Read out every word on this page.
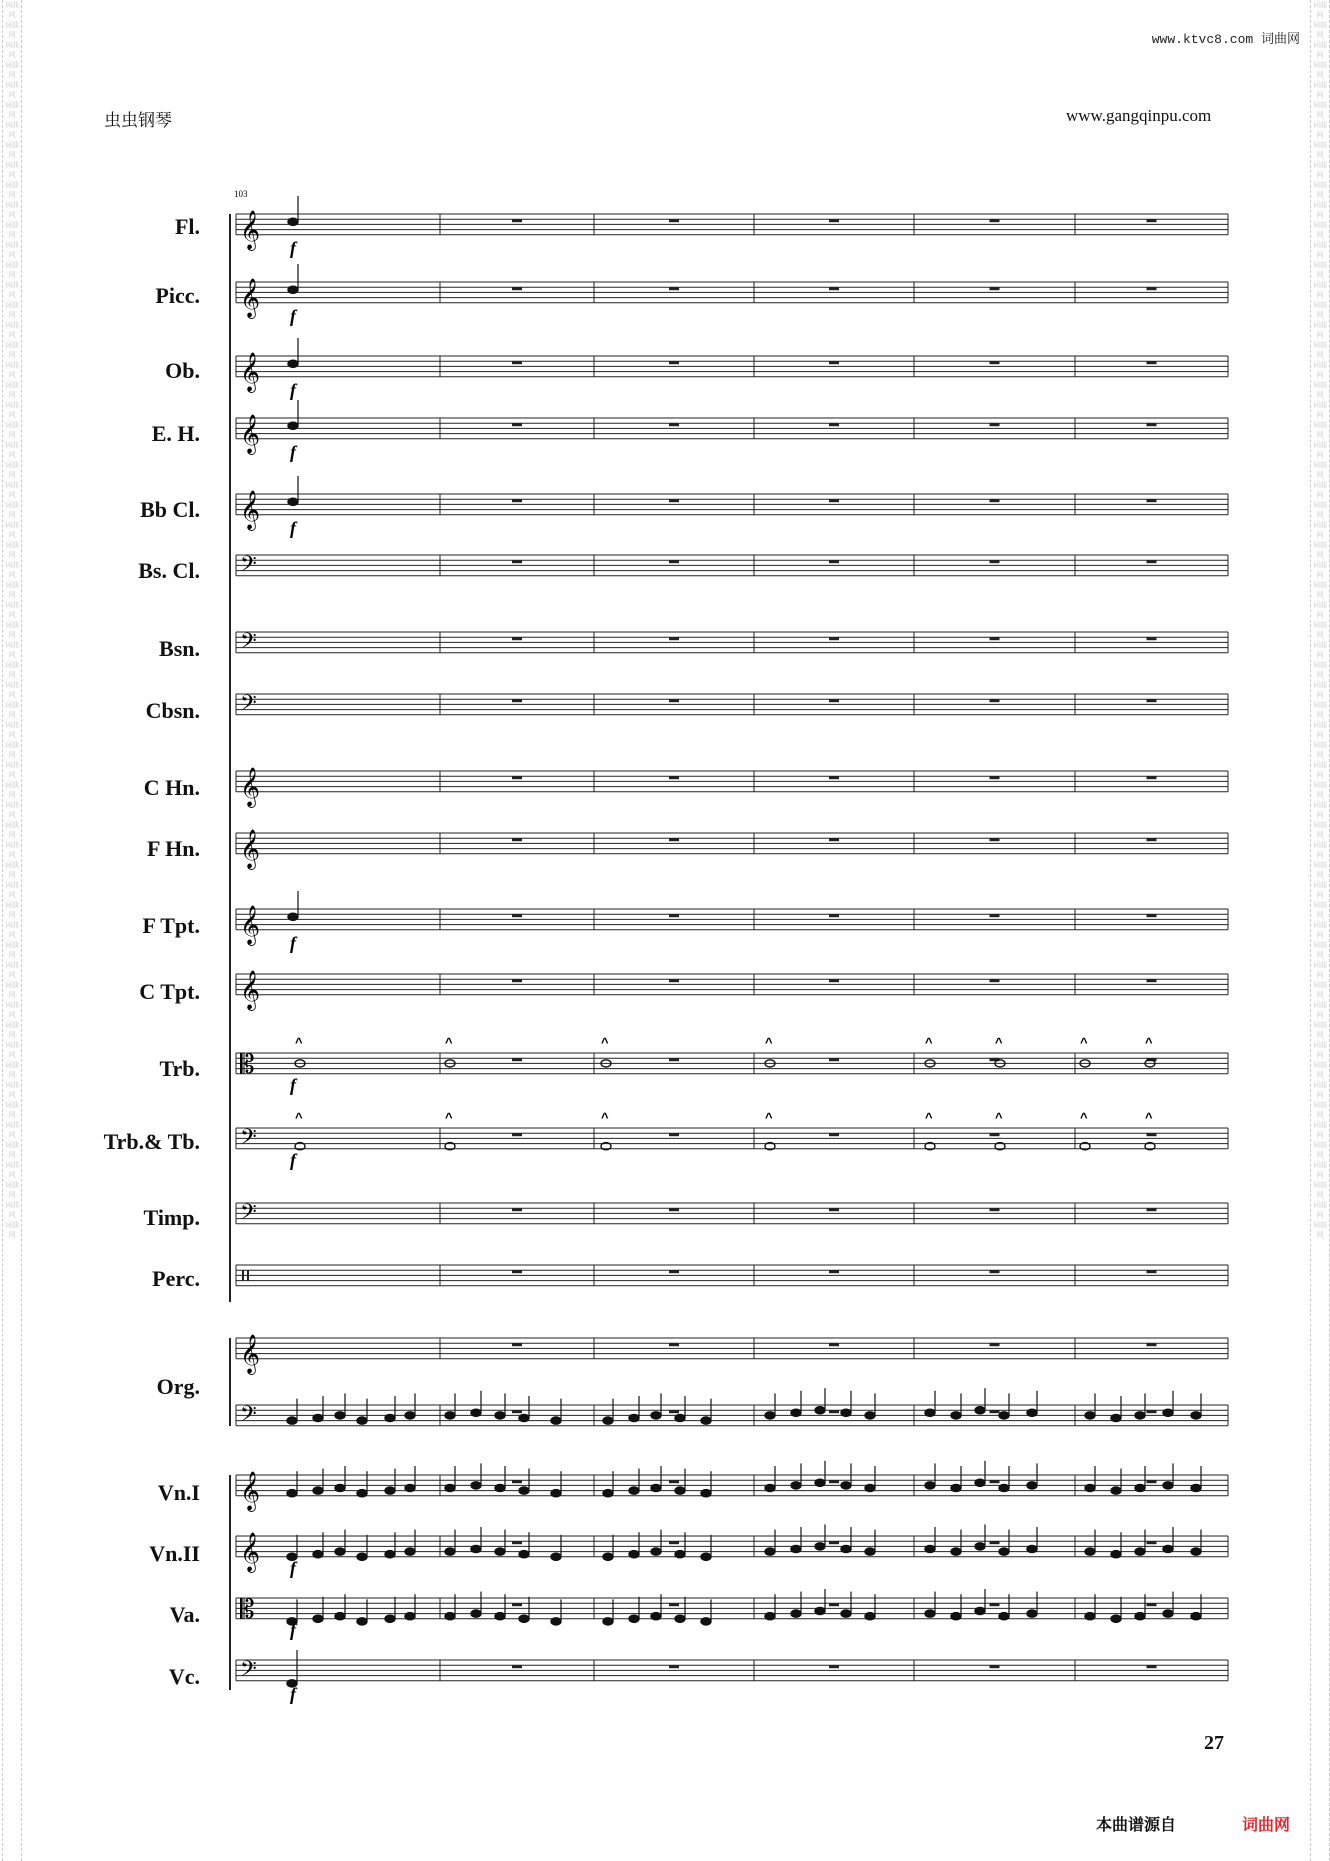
词曲网
词曲网
词曲网
词曲网
词曲网
词曲网
词曲网
词曲网
词曲网
词曲网
词曲网
词曲网
词曲网
词曲网
词曲网
词曲网
词曲网
词曲网
词曲网
词曲网
词曲网
词曲网
词曲网
词曲网
词曲网
词曲网
词曲网
词曲网
词曲网
词曲网
词曲网
词曲网
词曲网
词曲网
词曲网
词曲网
词曲网
词曲网
词曲网
词曲网
词曲网
词曲网
词曲网
词曲网
词曲网
词曲网
词曲网
词曲网
词曲网
词曲网
词曲网
词曲网
词曲网
词曲网
词曲网
词曲网
词曲网
词曲网
词曲网
词曲网
词曲网
词曲网

词曲网
词曲网
词曲网
词曲网
词曲网
词曲网
词曲网
词曲网
词曲网
词曲网
词曲网
词曲网
词曲网
词曲网
词曲网
词曲网
词曲网
词曲网
词曲网
词曲网
词曲网
词曲网
词曲网
词曲网
词曲网
词曲网
词曲网
词曲网
词曲网
词曲网
词曲网
词曲网
词曲网
词曲网
词曲网
词曲网
词曲网
词曲网
词曲网
词曲网
词曲网
词曲网
词曲网
词曲网
词曲网
词曲网
词曲网
词曲网
词曲网
词曲网
词曲网
词曲网
词曲网
词曲网
词曲网
词曲网
词曲网
词曲网
词曲网
词曲网
词曲网
词曲网

www.ktvc8.com 词曲网
虫虫钢琴	www.gangqinpu.com
Fl.
Picc.
Ob.
E. H.
Bb Cl.
Bs. Cl.
Bsn.
Cbsn.
C Hn.
F Hn.
F Tpt.
C Tpt.
Trb.
Trb.& Tb.
Timp.
Perc.
Org.
Vn.I
Vn.II
Va.
Vc.
103
𝄞
𝄞
𝄞
𝄞
𝄞
𝄢
𝄢
𝄢
𝄞
𝄞
𝄞
𝄞
𝄡
𝄢
𝄢
𝄞
𝄢
𝄞
𝄞
𝄡
𝄢
f
f
f
f
f
f
^	^	^	^	^	^	^	^
f
^	^	^	^	^	^	^	^
f
f
f
f
27
本曲谱源自	词曲网
